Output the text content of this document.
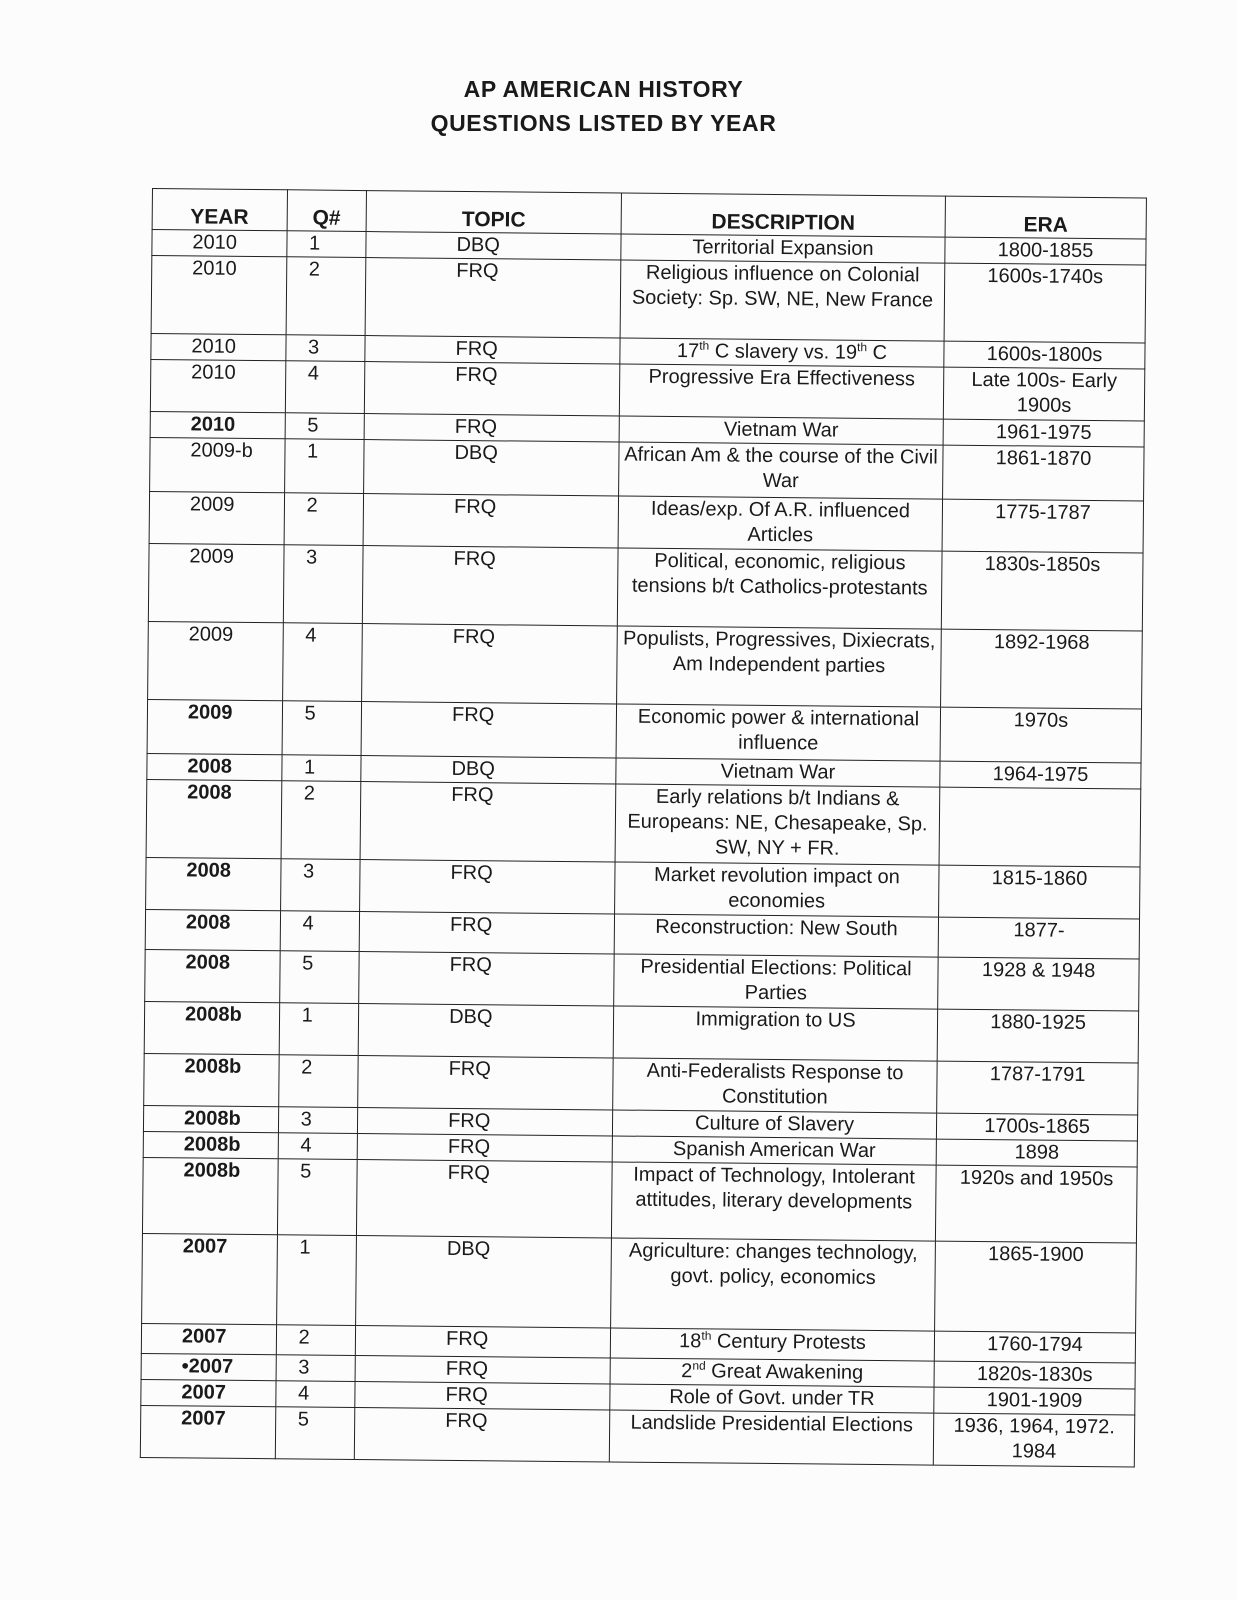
AP AMERICAN HISTORY
QUESTIONS LISTED BY YEAR
YEAR	Q#	TOPIC	DESCRIPTION	ERA
2010	1	DBQ	Territorial Expansion	1800-1855
2010	2	FRQ	Religious influence on Colonial Society: Sp. SW, NE, New France	1600s-1740s
2010	3	FRQ	17th C slavery vs. 19th C	1600s-1800s
2010	4	FRQ	Progressive Era Effectiveness	Late 100s- Early 1900s
2010	5	FRQ	Vietnam War	1961-1975
2009-b	1	DBQ	African Am & the course of the Civil War	1861-1870
2009	2	FRQ	Ideas/exp. Of A.R. influenced Articles	1775-1787
2009	3	FRQ	Political, economic, religious tensions b/t Catholics-protestants	1830s-1850s
2009	4	FRQ	Populists, Progressives, Dixiecrats, Am Independent parties	1892-1968
2009	5	FRQ	Economic power & international influence	1970s
2008	1	DBQ	Vietnam War	1964-1975
2008	2	FRQ	Early relations b/t Indians & Europeans: NE, Chesapeake, Sp. SW, NY + FR.	
2008	3	FRQ	Market revolution impact on economies	1815-1860
2008	4	FRQ	Reconstruction: New South	1877-
2008	5	FRQ	Presidential Elections: Political Parties	1928 & 1948
2008b	1	DBQ	Immigration to US	1880-1925
2008b	2	FRQ	Anti-Federalists Response to Constitution	1787-1791
2008b	3	FRQ	Culture of Slavery	1700s-1865
2008b	4	FRQ	Spanish American War	1898
2008b	5	FRQ	Impact of Technology, Intolerant attitudes, literary developments	1920s and 1950s
2007	1	DBQ	Agriculture: changes technology, govt. policy, economics	1865-1900
2007	2	FRQ	18th Century Protests	1760-1794
•2007	3	FRQ	2nd Great Awakening	1820s-1830s
2007	4	FRQ	Role of Govt. under TR	1901-1909
2007	5	FRQ	Landslide Presidential Elections	1936, 1964, 1972. 1984
